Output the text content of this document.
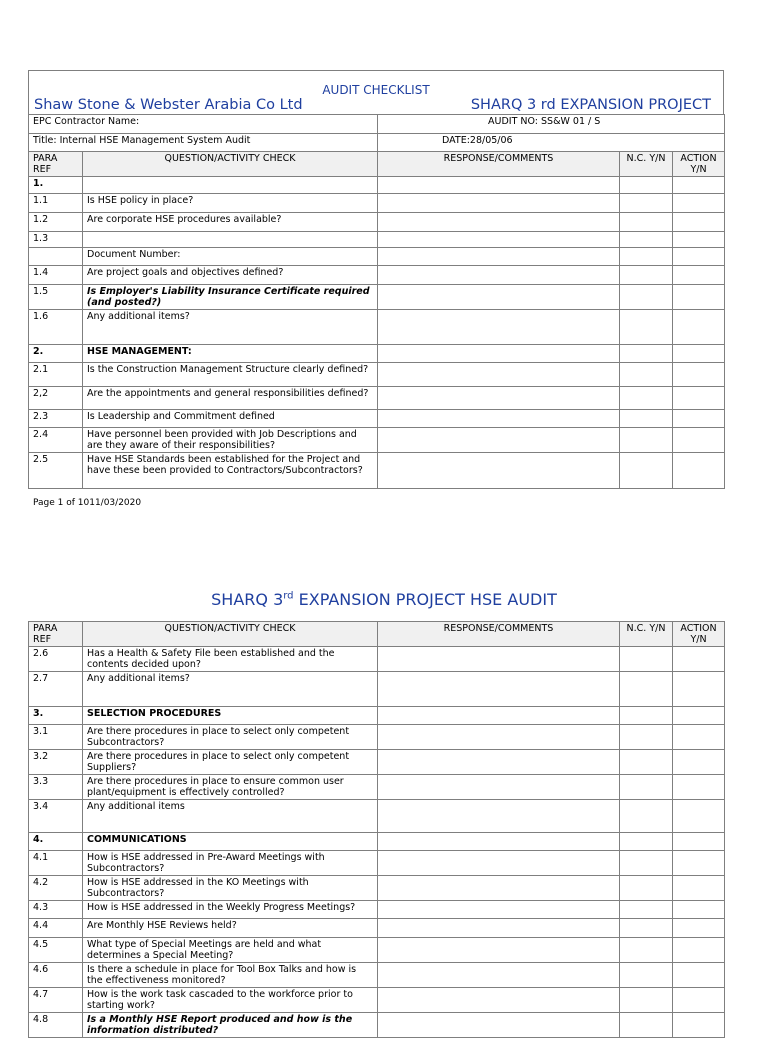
AUDIT CHECKLIST
Shaw Stone & Webster Arabia Co Ltd	SHARQ 3 rd EXPANSION PROJECT
EPC Contractor Name:	AUDIT NO: SS&W 01 / S
Title: Internal HSE Management System Audit	DATE:28/05/06
PARA REF	QUESTION/ACTIVITY CHECK	RESPONSE/COMMENTS	N.C. Y/N	ACTION Y/N
1.				
1.1	Is HSE policy in place?			
1.2	Are corporate HSE procedures available?			
1.3				
	Document Number:			
1.4	Are project goals and objectives defined?			
1.5	Is Employer's Liability Insurance Certificate required (and posted?)			
1.6	Any additional items?			
2.	HSE MANAGEMENT:			
2.1	Is the Construction Management Structure clearly defined?			
2,2	Are the appointments and general responsibilities defined?			
2.3	Is Leadership and Commitment defined			
2.4	Have personnel been provided with Job Descriptions and are they aware of their responsibilities?			
2.5	Have HSE Standards been established for the Project and have these been provided to Contractors/Subcontractors?			
Page 1 of 1011/03/2020
SHARQ 3rd EXPANSION PROJECT HSE AUDIT
PARA REF	QUESTION/ACTIVITY CHECK	RESPONSE/COMMENTS	N.C. Y/N	ACTION Y/N
2.6	Has a Health & Safety File been established and the contents decided upon?			
2.7	Any additional items?			
3.	SELECTION PROCEDURES			
3.1	Are there procedures in place to select only competent Subcontractors?			
3.2	Are there procedures in place to select only competent Suppliers?			
3.3	Are there procedures in place to ensure common user plant/equipment is effectively controlled?			
3.4	Any additional items			
4.	COMMUNICATIONS			
4.1	How is HSE addressed in Pre-Award Meetings with Subcontractors?			
4.2	How is HSE addressed in the KO Meetings with Subcontractors?			
4.3	How is HSE addressed in the Weekly Progress Meetings?			
4.4	Are Monthly HSE Reviews held?			
4.5	What type of Special Meetings are held and what determines a Special Meeting?			
4.6	Is there a schedule in place for Tool Box Talks and how is the effectiveness monitored?			
4.7	How is the work task cascaded to the workforce prior to starting work?			
4.8	Is a Monthly HSE Report produced and how is the information distributed?			
